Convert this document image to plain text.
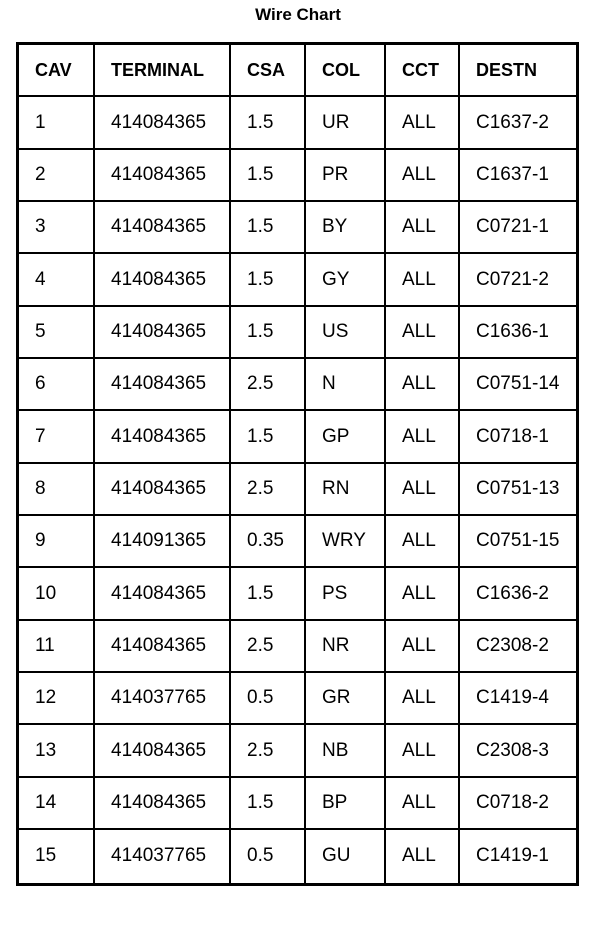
Wire Chart
CAV	TERMINAL	CSA	COL	CCT	DESTN
1	414084365	1.5	UR	ALL	C1637-2
2	414084365	1.5	PR	ALL	C1637-1
3	414084365	1.5	BY	ALL	C0721-1
4	414084365	1.5	GY	ALL	C0721-2
5	414084365	1.5	US	ALL	C1636-1
6	414084365	2.5	N	ALL	C0751-14
7	414084365	1.5	GP	ALL	C0718-1
8	414084365	2.5	RN	ALL	C0751-13
9	414091365	0.35	WRY	ALL	C0751-15
10	414084365	1.5	PS	ALL	C1636-2
11	414084365	2.5	NR	ALL	C2308-2
12	414037765	0.5	GR	ALL	C1419-4
13	414084365	2.5	NB	ALL	C2308-3
14	414084365	1.5	BP	ALL	C0718-2
15	414037765	0.5	GU	ALL	C1419-1
